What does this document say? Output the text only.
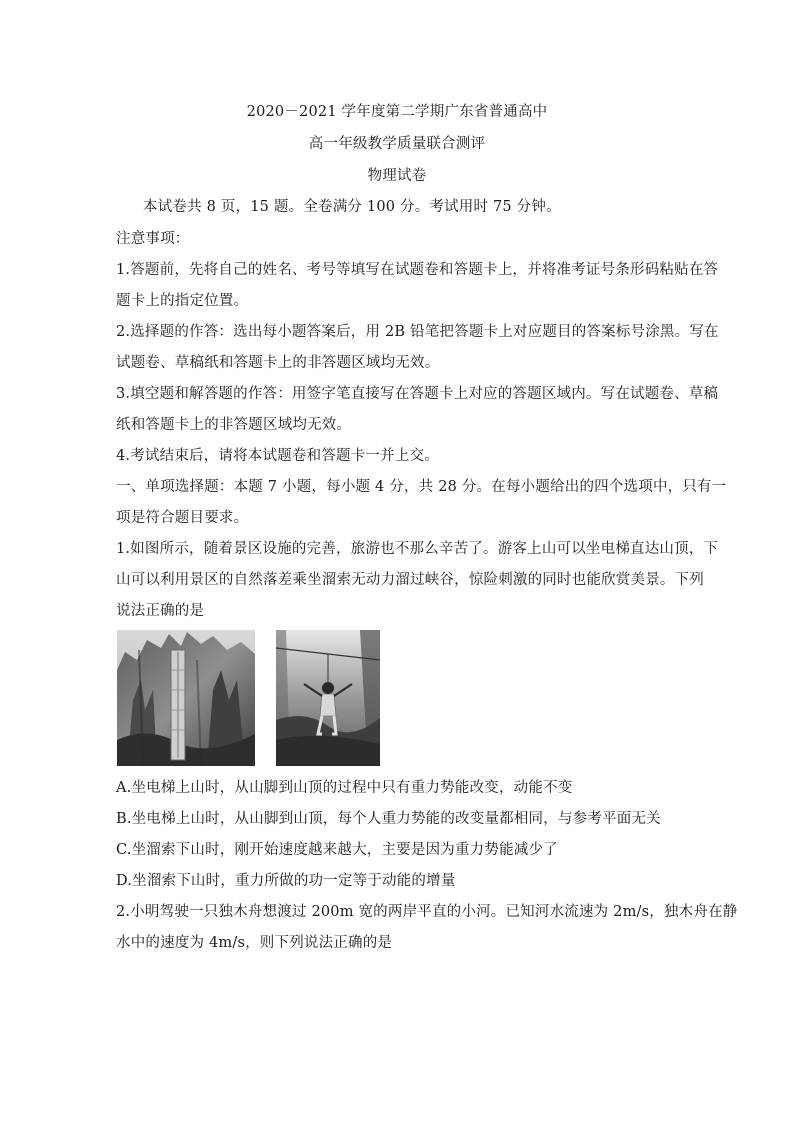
2020－2021 学年度第二学期广东省普通高中
高一年级教学质量联合测评
物理试卷
本试卷共 8 页，15 题。全卷满分 100 分。考试用时 75 分钟。
注意事项：
1.答题前，先将自己的姓名、考号等填写在试题卷和答题卡上，并将准考证号条形码粘贴在答
题卡上的指定位置。
2.选择题的作答：选出每小题答案后，用 2B 铅笔把答题卡上对应题目的答案标号涂黑。写在
试题卷、草稿纸和答题卡上的非答题区域均无效。
3.填空题和解答题的作答：用签字笔直接写在答题卡上对应的答题区域内。写在试题卷、草稿
纸和答题卡上的非答题区域均无效。
4.考试结束后，请将本试题卷和答题卡一并上交。
一、单项选择题：本题 7 小题，每小题 4 分，共 28 分。在每小题给出的四个选项中，只有一
项是符合题目要求。
1.如图所示，随着景区设施的完善，旅游也不那么辛苦了。游客上山可以坐电梯直达山顶，下
山可以利用景区的自然落差乘坐溜索无动力溜过峡谷，惊险刺激的同时也能欣赏美景。下列
说法正确的是
A.坐电梯上山时，从山脚到山顶的过程中只有重力势能改变，动能不变
B.坐电梯上山时，从山脚到山顶，每个人重力势能的改变量都相同，与参考平面无关
C.坐溜索下山时，刚开始速度越来越大，主要是因为重力势能减少了
D.坐溜索下山时，重力所做的功一定等于动能的增量
2.小明驾驶一只独木舟想渡过 200m 宽的两岸平直的小河。已知河水流速为 2m/s，独木舟在静
水中的速度为 4m/s，则下列说法正确的是
